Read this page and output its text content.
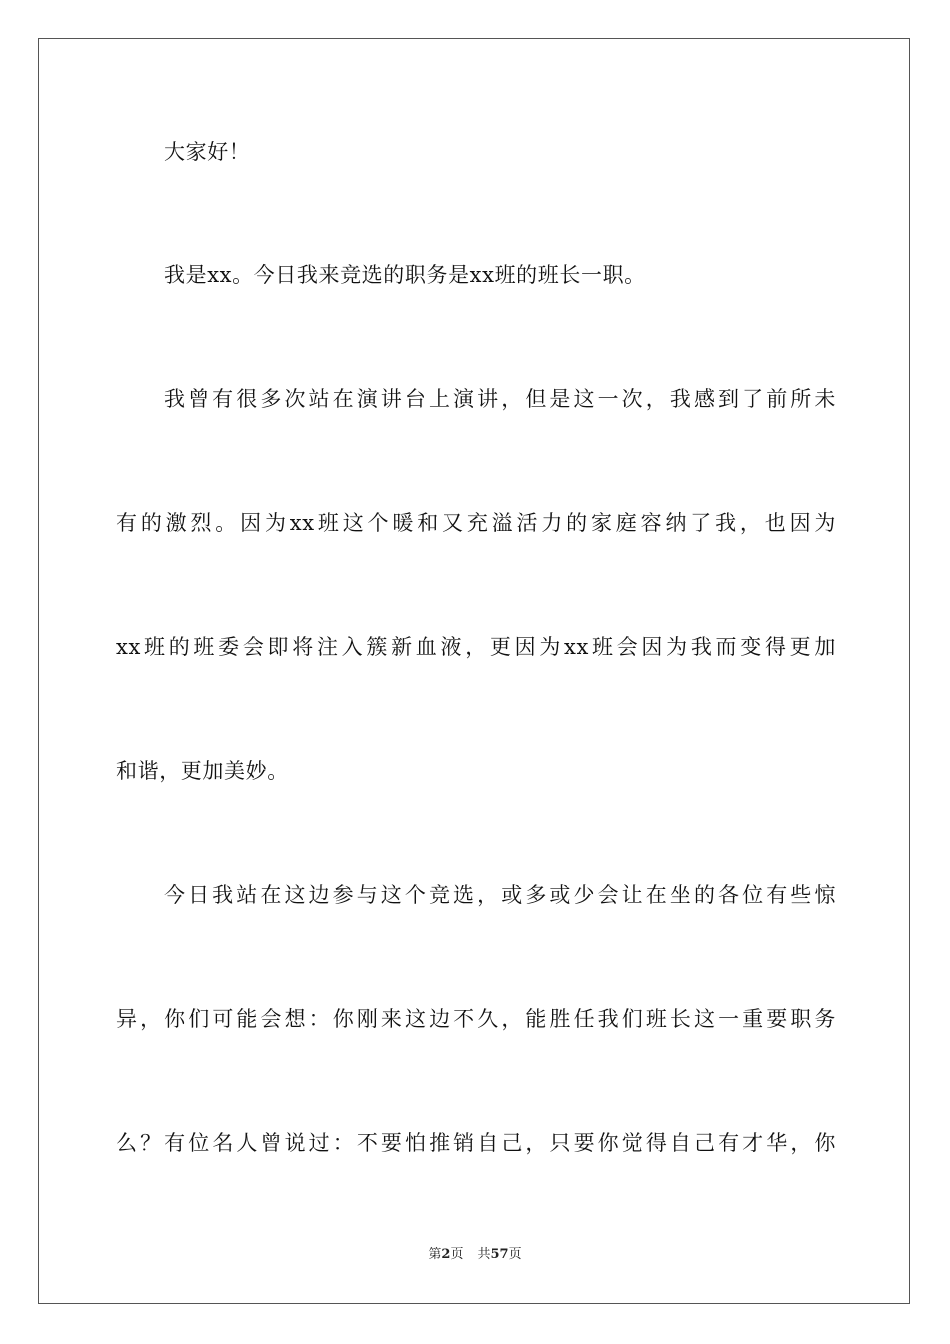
大家好！
我是xx。今日我来竞选的职务是xx班的班长一职。
我曾有很多次站在演讲台上演讲，但是这一次，我感到了前所未
有的激烈。因为xx班这个暖和又充溢活力的家庭容纳了我，也因为
xx班的班委会即将注入簇新血液，更因为xx班会因为我而变得更加
和谐，更加美妙。
今日我站在这边参与这个竞选，或多或少会让在坐的各位有些惊
异，你们可能会想：你刚来这边不久，能胜任我们班长这一重要职务
么？有位名人曾说过：不要怕推销自己，只要你觉得自己有才华，你
第2页 共57页
